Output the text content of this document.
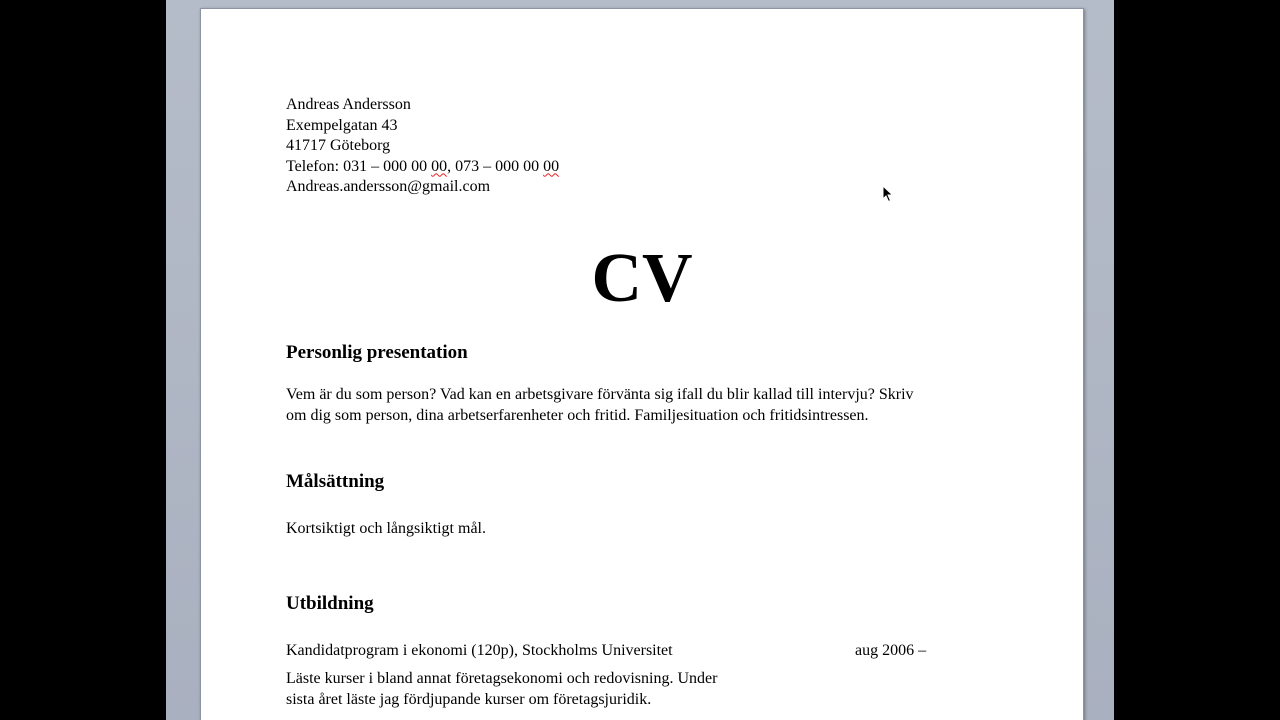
Andreas Andersson
Exempelgatan 43
41717 Göteborg
Telefon: 031 – 000 00 00, 073 – 000 00 00
Andreas.andersson@gmail.com
CV
Personlig presentation
Vem är du som person? Vad kan en arbetsgivare förvänta sig ifall du blir kallad till intervju? Skriv
om dig som person, dina arbetserfarenheter och fritid. Familjesituation och fritidsintressen.
Målsättning
Kortsiktigt och långsiktigt mål.
Utbildning
Kandidatprogram i ekonomi (120p), Stockholms Universitet	aug 2006 –
Läste kurser i bland annat företagsekonomi och redovisning. Under
sista året läste jag fördjupande kurser om företagsjuridik.
